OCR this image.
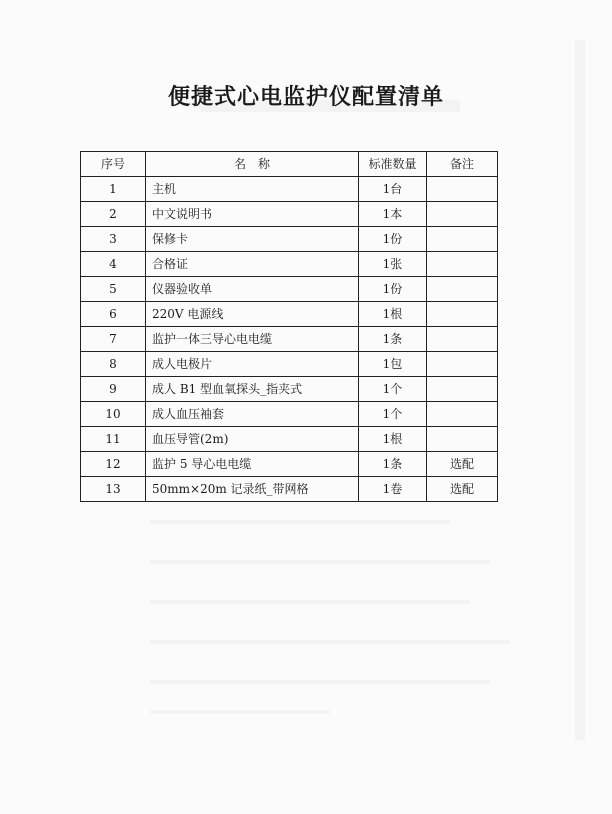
便捷式心电监护仪配置清单
序号	名　称	标准数量	备注
1	主机	1台	
2	中文说明书	1本	
3	保修卡	1份	
4	合格证	1张	
5	仪器验收单	1份	
6	220V 电源线	1根	
7	监护一体三导心电电缆	1条	
8	成人电极片	1包	
9	成人 B1 型血氧探头_指夹式	1个	
10	成人血压袖套	1个	
11	血压导管(2m)	1根	
12	监护 5 导心电电缆	1条	选配
13	50mm×20m 记录纸_带网格	1卷	选配
